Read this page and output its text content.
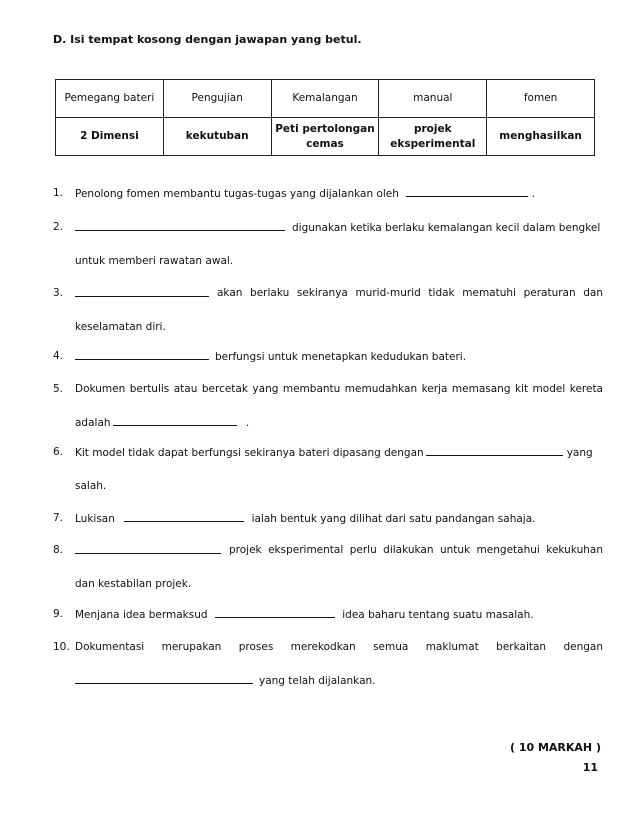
D. Isi tempat kosong dengan jawapan yang betul.
Pemegang bateri	Pengujian	Kemalangan	manual	fomen
2 Dimensi	kekutuban	Peti pertolongan cemas	projek eksperimental	menghasilkan
1. Penolong fomen membantu tugas-tugas yang dijalankan oleh	.
2.	digunakan ketika berlaku kemalangan kecil dalam bengkel
untuk memberi rawatan awal.
3.	akan berlaku sekiranya murid-murid tidak mematuhi peraturan dan
keselamatan diri.
4.	berfungsi untuk menetapkan kedudukan bateri.
5. Dokumen bertulis atau bercetak yang membantu memudahkan kerja memasang kit model kereta
adalah	.
6. Kit model tidak dapat berfungsi sekiranya bateri dipasang dengan	yang
salah.
7. Lukisan	ialah bentuk yang dilihat dari satu pandangan sahaja.
8.	projek eksperimental perlu dilakukan untuk mengetahui kekukuhan
dan kestabilan projek.
9. Menjana idea bermaksud	idea baharu tentang suatu masalah.
10. Dokumentasi merupakan proses merekodkan semua maklumat berkaitan dengan
yang telah dijalankan.
( 10 MARKAH )
11
